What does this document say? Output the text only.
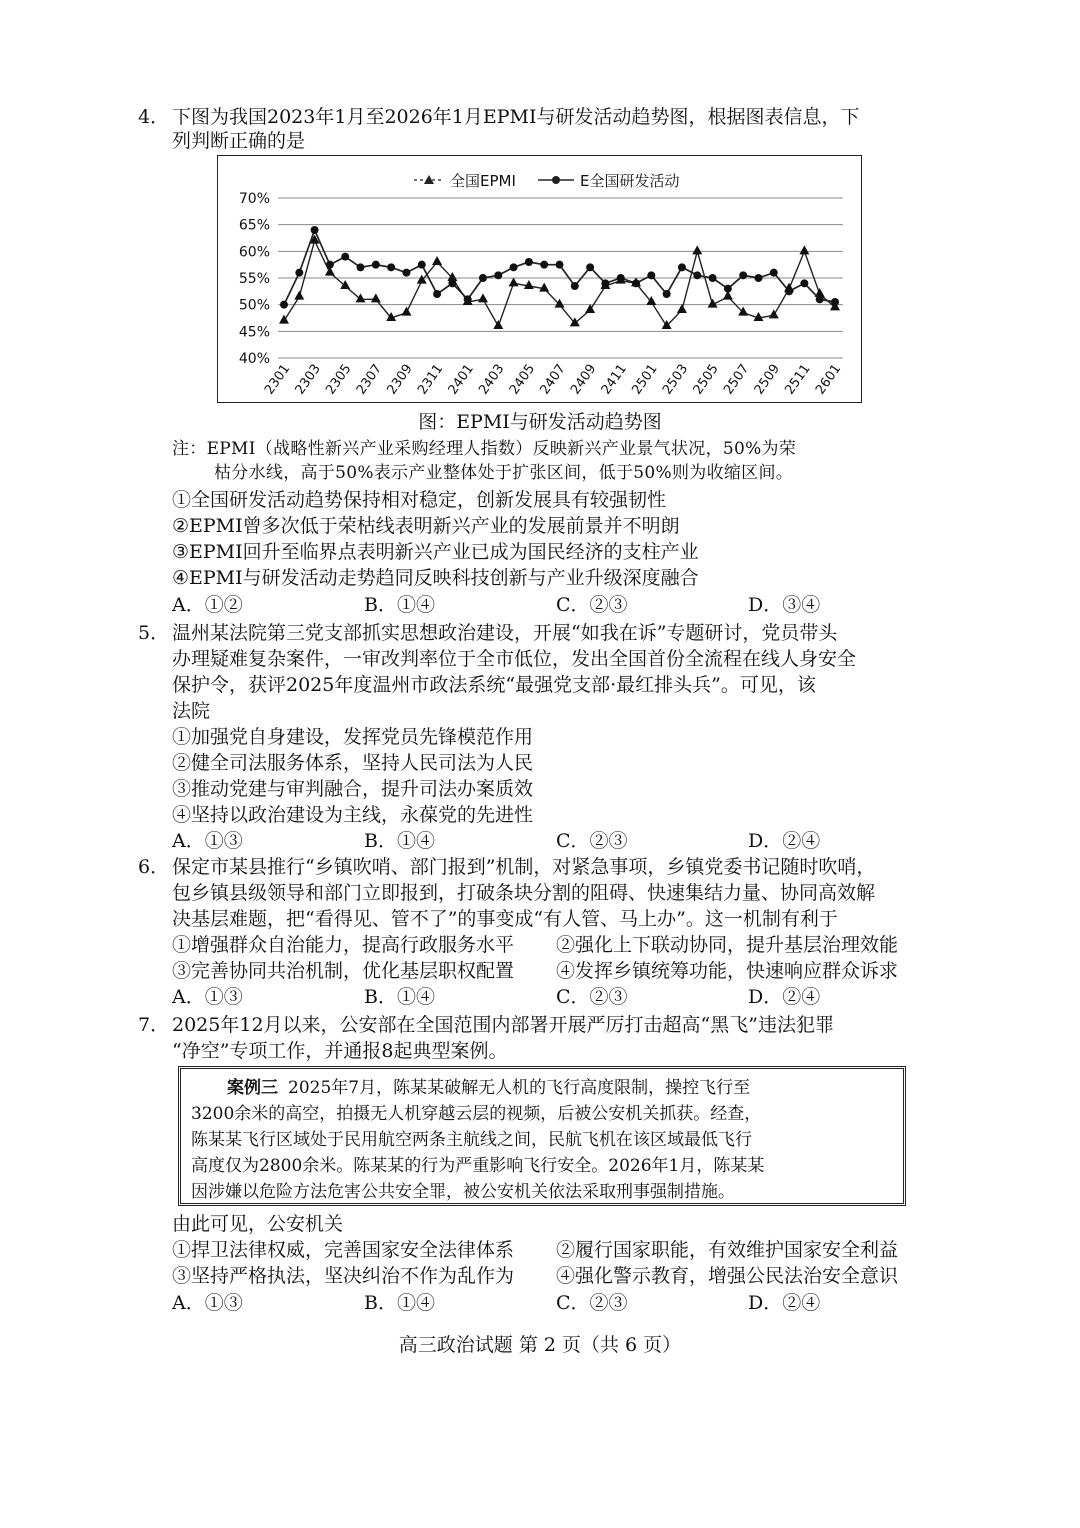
4． 下图为我国2023年1月至2026年1月EPMI与研发活动趋势图，根据图表信息，下
列判断正确的是
70%
65%
60%
55%
50%
45%
40%
2301 2303 2305 2307 2309 2311 2401 2403 2405 2407 2409 2411 2501 2503 2505 2507 2509 2511 2601
全国EPMI	E全国研发活动
图：EPMI与研发活动趋势图
注：EPMI（战略性新兴产业采购经理人指数）反映新兴产业景气状况，50%为荣
枯分水线，高于50%表示产业整体处于扩张区间，低于50%则为收缩区间。
①全国研发活动趋势保持相对稳定，创新发展具有较强韧性
②EPMI曾多次低于荣枯线表明新兴产业的发展前景并不明朗
③EPMI回升至临界点表明新兴产业已成为国民经济的支柱产业
④EPMI与研发活动走势趋同反映科技创新与产业升级深度融合
A．①②	B．①④	C．②③	D．③④
5． 温州某法院第三党支部抓实思想政治建设，开展“如我在诉”专题研讨，党员带头
办理疑难复杂案件，一审改判率位于全市低位，发出全国首份全流程在线人身安全
保护令，获评2025年度温州市政法系统“最强党支部·最红排头兵”。可见，该
法院
①加强党自身建设，发挥党员先锋模范作用
②健全司法服务体系，坚持人民司法为人民
③推动党建与审判融合，提升司法办案质效
④坚持以政治建设为主线，永葆党的先进性
A．①③	B．①④	C．②③	D．②④
6． 保定市某县推行“乡镇吹哨、部门报到”机制，对紧急事项，乡镇党委书记随时吹哨，
包乡镇县级领导和部门立即报到，打破条块分割的阻碍、快速集结力量、协同高效解
决基层难题，把“看得见、管不了”的事变成“有人管、马上办”。这一机制有利于
①增强群众自治能力，提高行政服务水平 ②强化上下联动协同，提升基层治理效能
③完善协同共治机制，优化基层职权配置 ④发挥乡镇统筹功能，快速响应群众诉求
A．①③	B．①④	C．②③	D．②④
7． 2025年12月以来，公安部在全国范围内部署开展严厉打击超高“黑飞”违法犯罪
“净空”专项工作，并通报8起典型案例。
案例三 2025年7月，陈某某破解无人机的飞行高度限制，操控飞行至
3200余米的高空，拍摄无人机穿越云层的视频，后被公安机关抓获。经查，
陈某某飞行区域处于民用航空两条主航线之间，民航飞机在该区域最低飞行
高度仅为2800余米。陈某某的行为严重影响飞行安全。2026年1月，陈某某
因涉嫌以危险方法危害公共安全罪，被公安机关依法采取刑事强制措施。
由此可见，公安机关
①捍卫法律权威，完善国家安全法律体系 ②履行国家职能，有效维护国家安全利益
③坚持严格执法，坚决纠治不作为乱作为 ④强化警示教育，增强公民法治安全意识
A．①③	B．①④	C．②③	D．②④
高三政治试题 第 2 页（共 6 页）
